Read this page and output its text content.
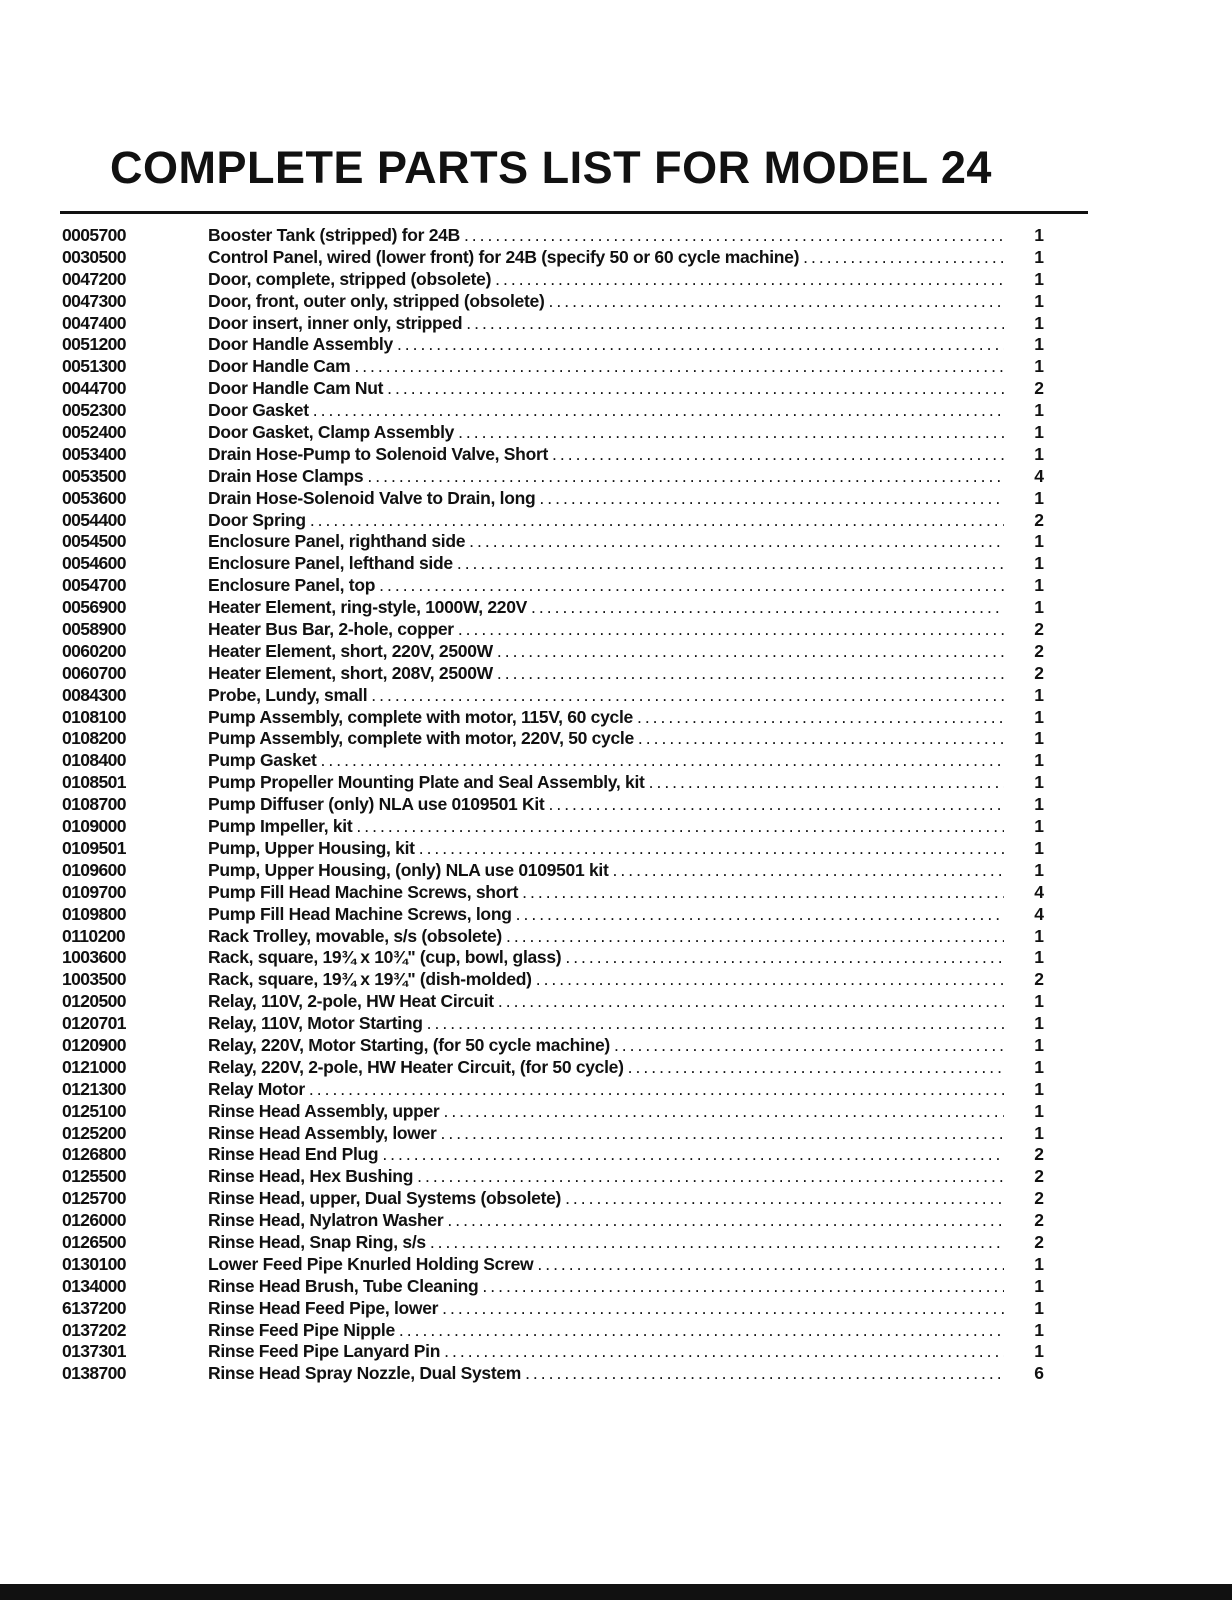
COMPLETE PARTS LIST FOR MODEL 24
0005700	Booster Tank (stripped) for 24B .....	1
0030500	Control Panel, wired (lower front) for 24B (specify 50 or 60 cycle machine) .....	1
0047200	Door, complete, stripped (obsolete) .....	1
0047300	Door, front, outer only, stripped (obsolete) .....	1
0047400	Door insert, inner only, stripped .....	1
0051200	Door Handle Assembly .....	1
0051300	Door Handle Cam .....	1
0044700	Door Handle Cam Nut .....	2
0052300	Door Gasket .....	1
0052400	Door Gasket, Clamp Assembly .....	1
0053400	Drain Hose-Pump to Solenoid Valve, Short .....	1
0053500	Drain Hose Clamps .....	4
0053600	Drain Hose-Solenoid Valve to Drain, long .....	1
0054400	Door Spring .....	2
0054500	Enclosure Panel, righthand side .....	1
0054600	Enclosure Panel, lefthand side .....	1
0054700	Enclosure Panel, top .....	1
0056900	Heater Element, ring-style, 1000W, 220V .....	1
0058900	Heater Bus Bar, 2-hole, copper .....	2
0060200	Heater Element, short, 220V, 2500W .....	2
0060700	Heater Element, short, 208V, 2500W .....	2
0084300	Probe, Lundy, small .....	1
0108100	Pump Assembly, complete with motor, 115V, 60 cycle .....	1
0108200	Pump Assembly, complete with motor, 220V, 50 cycle .....	1
0108400	Pump Gasket .....	1
0108501	Pump Propeller Mounting Plate and Seal Assembly, kit .....	1
0108700	Pump Diffuser (only) NLA use 0109501 Kit .....	1
0109000	Pump Impeller, kit .....	1
0109501	Pump, Upper Housing, kit .....	1
0109600	Pump, Upper Housing, (only) NLA use 0109501 kit .....	1
0109700	Pump Fill Head Machine Screws, short .....	4
0109800	Pump Fill Head Machine Screws, long .....	4
0110200	Rack Trolley, movable, s/s (obsolete) .....	1
1003600	Rack, square, 19¾ x 10¾" (cup, bowl, glass) .....	1
1003500	Rack, square, 19¾ x 19¾" (dish-molded) .....	2
0120500	Relay, 110V, 2-pole, HW Heat Circuit .....	1
0120701	Relay, 110V, Motor Starting .....	1
0120900	Relay, 220V, Motor Starting, (for 50 cycle machine) .....	1
0121000	Relay, 220V, 2-pole, HW Heater Circuit, (for 50 cycle) .....	1
0121300	Relay Motor .....	1
0125100	Rinse Head Assembly, upper .....	1
0125200	Rinse Head Assembly, lower .....	1
0126800	Rinse Head End Plug .....	2
0125500	Rinse Head, Hex Bushing .....	2
0125700	Rinse Head, upper, Dual Systems (obsolete) .....	2
0126000	Rinse Head, Nylatron Washer .....	2
0126500	Rinse Head, Snap Ring, s/s .....	2
0130100	Lower Feed Pipe Knurled Holding Screw .....	1
0134000	Rinse Head Brush, Tube Cleaning .....	1
6137200	Rinse Head Feed Pipe, lower .....	1
0137202	Rinse Feed Pipe Nipple .....	1
0137301	Rinse Feed Pipe Lanyard Pin .....	1
0138700	Rinse Head Spray Nozzle, Dual System .....	6
